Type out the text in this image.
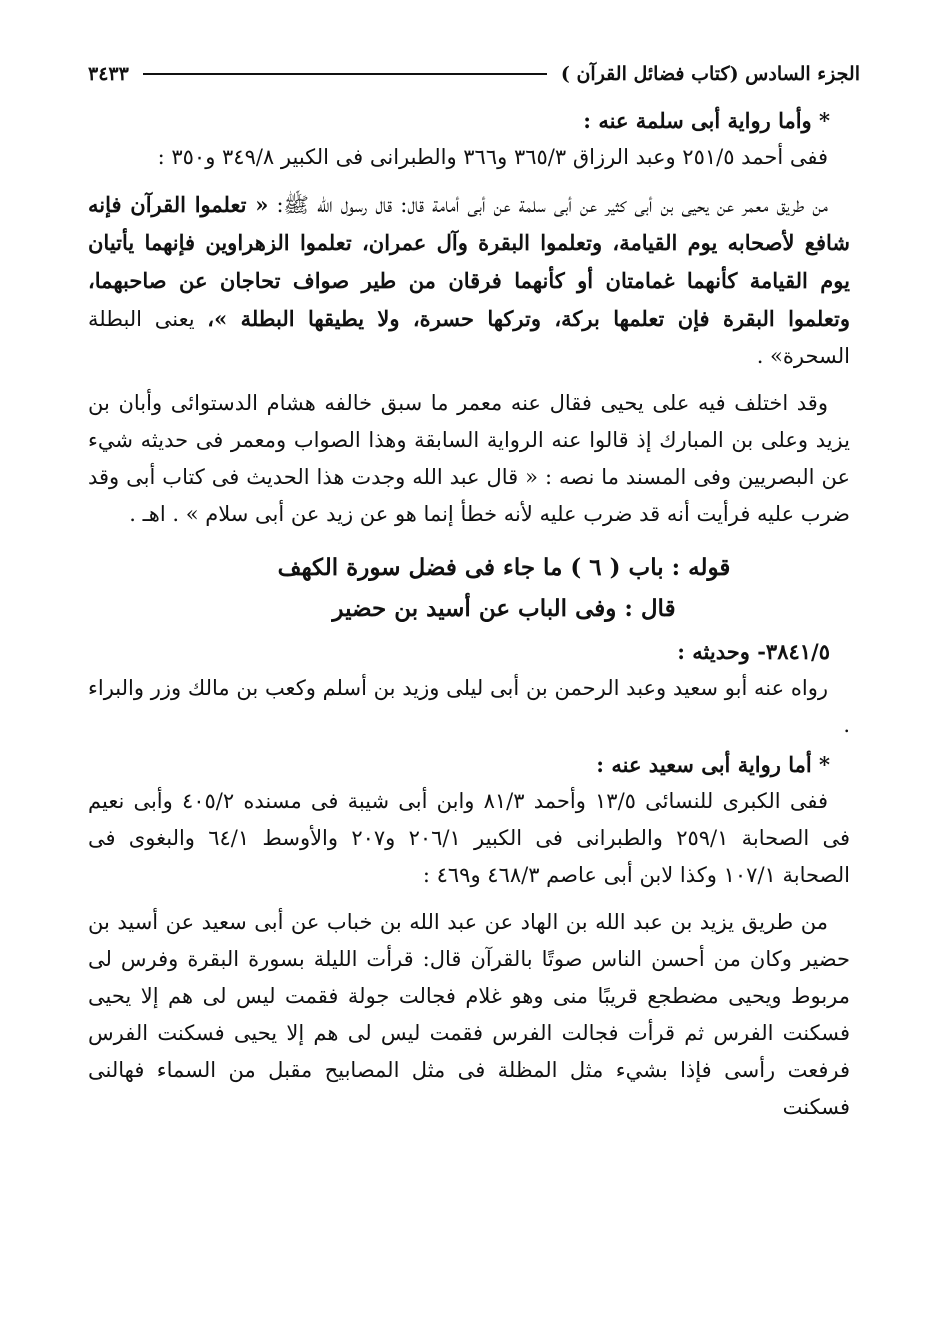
الجزء السادس (كتاب فضائل القرآن )
٣٤٣٣

* وأما رواية أبى سلمة عنه :

ففى أحمد ٢٥١/٥ وعبد الرزاق ٣٦٥/٣ و٣٦٦ والطبرانى فى الكبير ٣٤٩/٨ و٣٥٠ :

من طريق معمر عن يحيى بن أبى كثير عن أبى سلمة عن أبى أمامة قال: قال رسول الله ﷺ: « تعلموا القرآن فإنه شافع لأصحابه يوم القيامة، وتعلموا البقرة وآل عمران، تعلموا الزهراوين فإنهما يأتيان يوم القيامة كأنهما غمامتان أو كأنهما فرقان من طير صواف تحاجان عن صاحبهما، وتعلموا البقرة فإن تعلمها بركة، وتركها حسرة، ولا يطيقها البطلة »، يعنى البطلة السحرة» .

وقد اختلف فيه على يحيى فقال عنه معمر ما سبق خالفه هشام الدستوائى وأبان بن يزيد وعلى بن المبارك إذ قالوا عنه الرواية السابقة وهذا الصواب ومعمر فى حديثه شيء عن البصريين وفى المسند ما نصه : « قال عبد الله وجدت هذا الحديث فى كتاب أبى وقد ضرب عليه فرأيت أنه قد ضرب عليه لأنه خطأ إنما هو عن زيد عن أبى سلام » . اهـ .

قوله : باب ( ٦ ) ما جاء فى فضل سورة الكهف

قال : وفى الباب عن أسيد بن حضير

٣٨٤١/٥- وحديثه :

رواه عنه أبو سعيد وعبد الرحمن بن أبى ليلى وزيد بن أسلم وكعب بن مالك وزر والبراء .

* أما رواية أبى سعيد عنه :

ففى الكبرى للنسائى ١٣/٥ وأحمد ٨١/٣ وابن أبى شيبة فى مسنده ٤٠٥/٢ وأبى نعيم فى الصحابة ٢٥٩/١ والطبرانى فى الكبير ٢٠٦/١ و٢٠٧ والأوسط ٦٤/١ والبغوى فى الصحابة ١٠٧/١ وكذا لابن أبى عاصم ٤٦٨/٣ و٤٦٩ :

من طريق يزيد بن عبد الله بن الهاد عن عبد الله بن خباب عن أبى سعيد عن أسيد بن حضير وكان من أحسن الناس صوتًا بالقرآن قال: قرأت الليلة بسورة البقرة وفرس لى مربوط ويحيى مضطجع قريبًا منى وهو غلام فجالت جولة فقمت ليس لى هم إلا يحيى فسكنت الفرس ثم قرأت فجالت الفرس فقمت ليس لى هم إلا يحيى فسكنت الفرس فرفعت رأسى فإذا بشيء مثل المظلة فى مثل المصابيح مقبل من السماء فهالنى فسكنت
